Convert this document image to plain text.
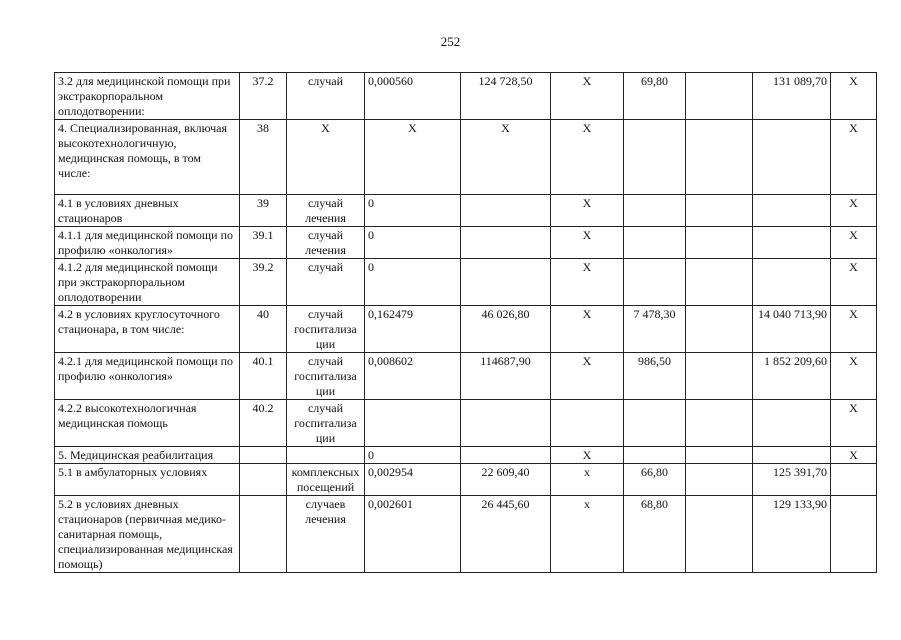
252
3.2 для медицинской помощи при экстракорпоральном оплодотворении:	37.2	случай	0,000560	124 728,50	Х	69,80		131 089,70	Х
4. Специализированная, включая высокотехнологичную, медицинская помощь, в том числе:	38	Х	Х	Х	Х				Х
4.1 в условиях дневных стационаров	39	случай лечения	0		Х				Х
4.1.1 для медицинской помощи по профилю «онкология»	39.1	случай лечения	0		Х				Х
4.1.2 для медицинской помощи при экстракорпоральном оплодотворении	39.2	случай	0		Х				Х
4.2 в условиях круглосуточного стационара, в том числе:	40	случай госпитализа ции	0,162479	46 026,80	Х	7 478,30		14 040 713,90	Х
4.2.1 для медицинской помощи по профилю «онкология»	40.1	случай госпитализа ции	0,008602	114687,90	Х	986,50		1 852 209,60	Х
4.2.2 высокотехнологичная медицинская помощь	40.2	случай госпитализа ции							Х
5. Медицинская реабилитация			0		Х				Х
5.1 в амбулаторных условиях		комплексных посещений	0,002954	22 609,40	х	66,80		125 391,70	
5.2 в условиях дневных стационаров (первичная медико-санитарная помощь, специализированная медицинская помощь)		случаев лечения	0,002601	26 445,60	х	68,80		129 133,90	
